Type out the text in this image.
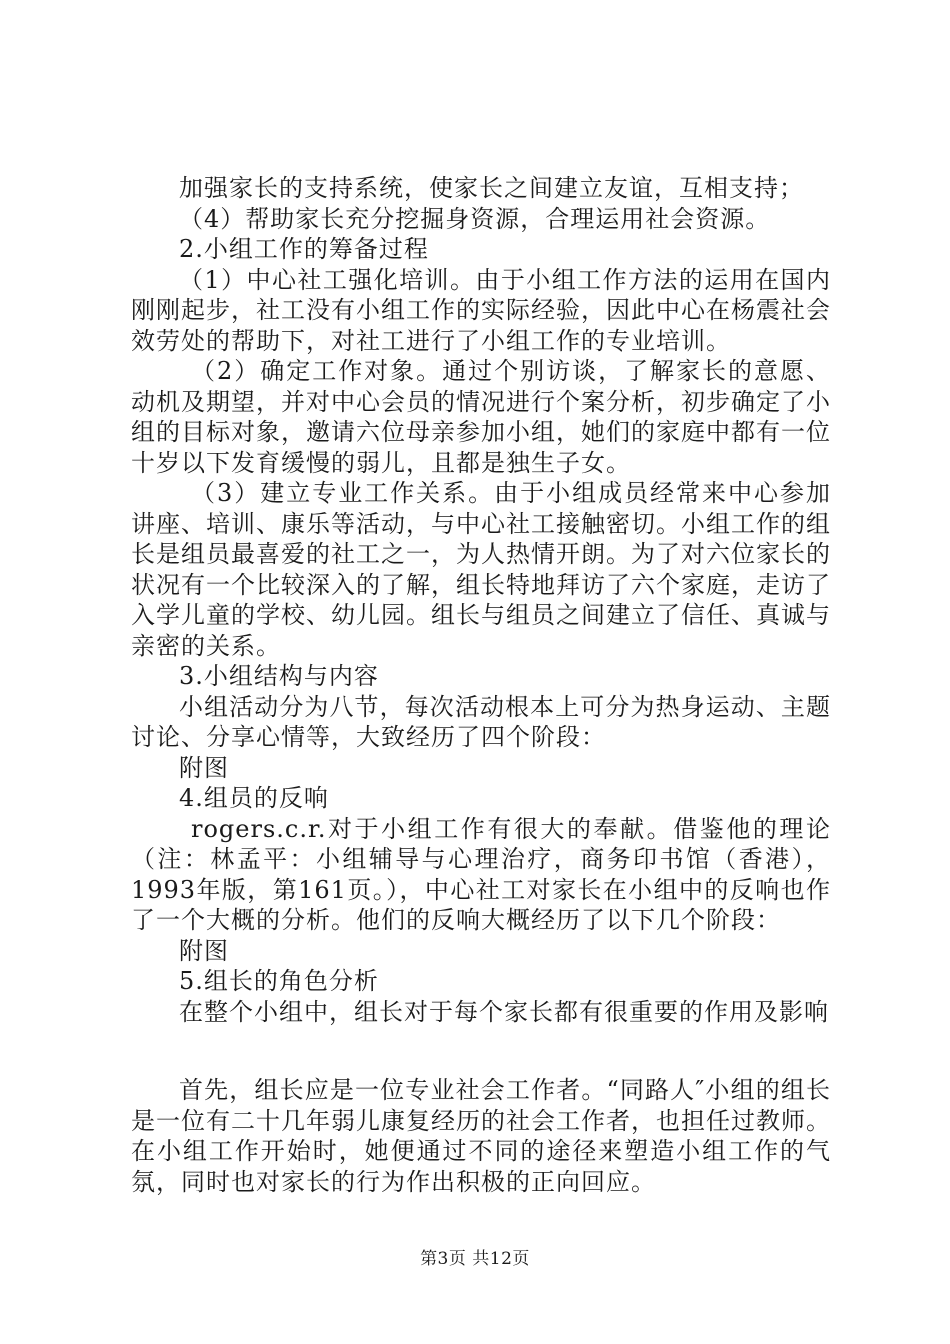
加强家长的支持系统，使家长之间建立友谊，互相支持；

（4）帮助家长充分挖掘身资源，合理运用社会资源。

2.小组工作的筹备过程

（1）中心社工强化培训。由于小组工作方法的运用在国内刚刚起步，社工没有小组工作的实际经验，因此中心在杨震社会效劳处的帮助下，对社工进行了小组工作的专业培训。

（2）确定工作对象。通过个别访谈，了解家长的意愿、动机及期望，并对中心会员的情况进行个案分析，初步确定了小组的目标对象，邀请六位母亲参加小组，她们的家庭中都有一位十岁以下发育缓慢的弱儿，且都是独生子女。

（3）建立专业工作关系。由于小组成员经常来中心参加讲座、培训、康乐等活动，与中心社工接触密切。小组工作的组长是组员最喜爱的社工之一，为人热情开朗。为了对六位家长的状况有一个比较深入的了解，组长特地拜访了六个家庭，走访了入学儿童的学校、幼儿园。组长与组员之间建立了信任、真诚与亲密的关系。

3.小组结构与内容

小组活动分为八节，每次活动根本上可分为热身运动、主题讨论、分享心情等，大致经历了四个阶段：

附图

4.组员的反响

rogers.c.r.对于小组工作有很大的奉献。借鉴他的理论（注：林孟平：小组辅导与心理治疗，商务印书馆（香港），1993年版，第161页。），中心社工对家长在小组中的反响也作了一个大概的分析。他们的反响大概经历了以下几个阶段：

附图

5.组长的角色分析

在整个小组中，组长对于每个家长都有很重要的作用及影响

首先，组长应是一位专业社会工作者。“同路人″小组的组长是一位有二十几年弱儿康复经历的社会工作者，也担任过教师。在小组工作开始时，她便通过不同的途径来塑造小组工作的气氛，同时也对家长的行为作出积极的正向回应。

第3页 共12页
